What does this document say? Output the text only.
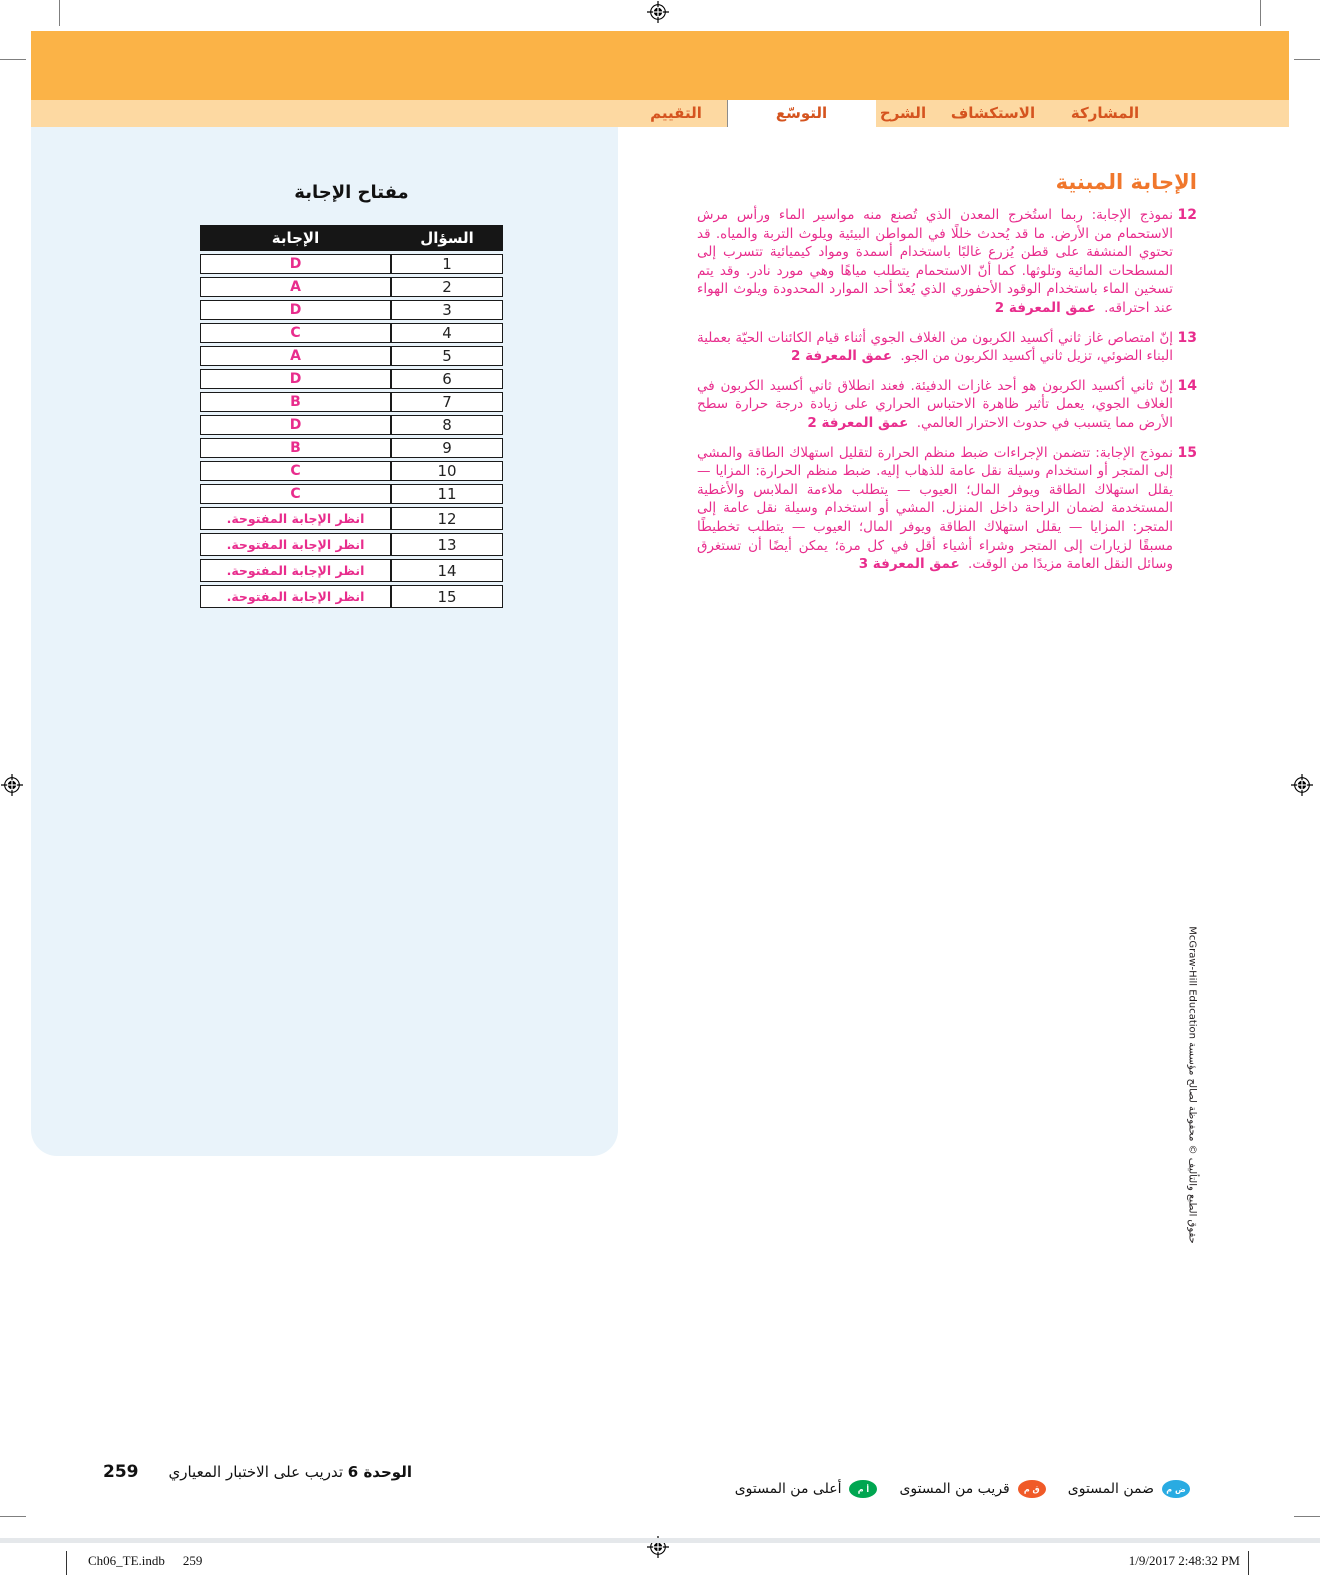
المشاركة
الاستكشاف
الشرح
التوسّع
التقييم
مفتاح الإجابة
السؤال	الإجابة
1	D
2	A
3	D
4	C
5	A
6	D
7	B
8	D
9	B
10	C
11	C
12	انظر الإجابة المفتوحة.
13	انظر الإجابة المفتوحة.
14	انظر الإجابة المفتوحة.
15	انظر الإجابة المفتوحة.
الإجابة المبنية
12
نموذج الإجابة: ربما استُخرج المعدن الذي تُصنع منه مواسير الماء ورأس مرش الاستحمام من الأرض. ما قد يُحدث خللًا في المواطن البيئية ويلوث التربة والمياه. قد تحتوي المنشفة على قطن يُزرع غالبًا باستخدام أسمدة ومواد كيميائية تتسرب إلى المسطحات المائية وتلوثها. كما أنّ الاستحمام يتطلب مياهًا وهي مورد نادر. وقد يتم تسخين الماء باستخدام الوقود الأحفوري الذي يُعدّ أحد الموارد المحدودة ويلوث الهواء عند احتراقه. عمق المعرفة 2
13
إنّ امتصاص غاز ثاني أكسيد الكربون من الغلاف الجوي أثناء قيام الكائنات الحيّة بعملية البناء الضوئي، تزيل ثاني أكسيد الكربون من الجو. عمق المعرفة 2
14
إنّ ثاني أكسيد الكربون هو أحد غازات الدفيئة. فعند انطلاق ثاني أكسيد الكربون في الغلاف الجوي، يعمل تأثير ظاهرة الاحتباس الحراري على زيادة درجة حرارة سطح الأرض مما يتسبب في حدوث الاحترار العالمي. عمق المعرفة 2
15
نموذج الإجابة: تتضمن الإجراءات ضبط منظم الحرارة لتقليل استهلاك الطاقة والمشي إلى المتجر أو استخدام وسيلة نقل عامة للذهاب إليه. ضبط منظم الحرارة: المزايا — يقلل استهلاك الطاقة ويوفر المال؛ العيوب — يتطلب ملاءمة الملابس والأغطية المستخدمة لضمان الراحة داخل المنزل. المشي أو استخدام وسيلة نقل عامة إلى المتجر: المزايا — يقلل استهلاك الطاقة ويوفر المال؛ العيوب — يتطلب تخطيطًا مسبقًا لزيارات إلى المتجر وشراء أشياء أقل في كل مرة؛ يمكن أيضًا أن تستغرق وسائل النقل العامة مزيدًا من الوقت. عمق المعرفة 3
حقوق الطبع والتأليف © محفوظة لصالح مؤسسة McGraw-Hill Education
259	الوحدة 6 تدريب على الاختبار المعياري
ض م
ضمن المستوى
ق م
قريب من المستوى
أ م
أعلى من المستوى
Ch06_TE.indb 259	1/9/2017 2:48:32 PM
